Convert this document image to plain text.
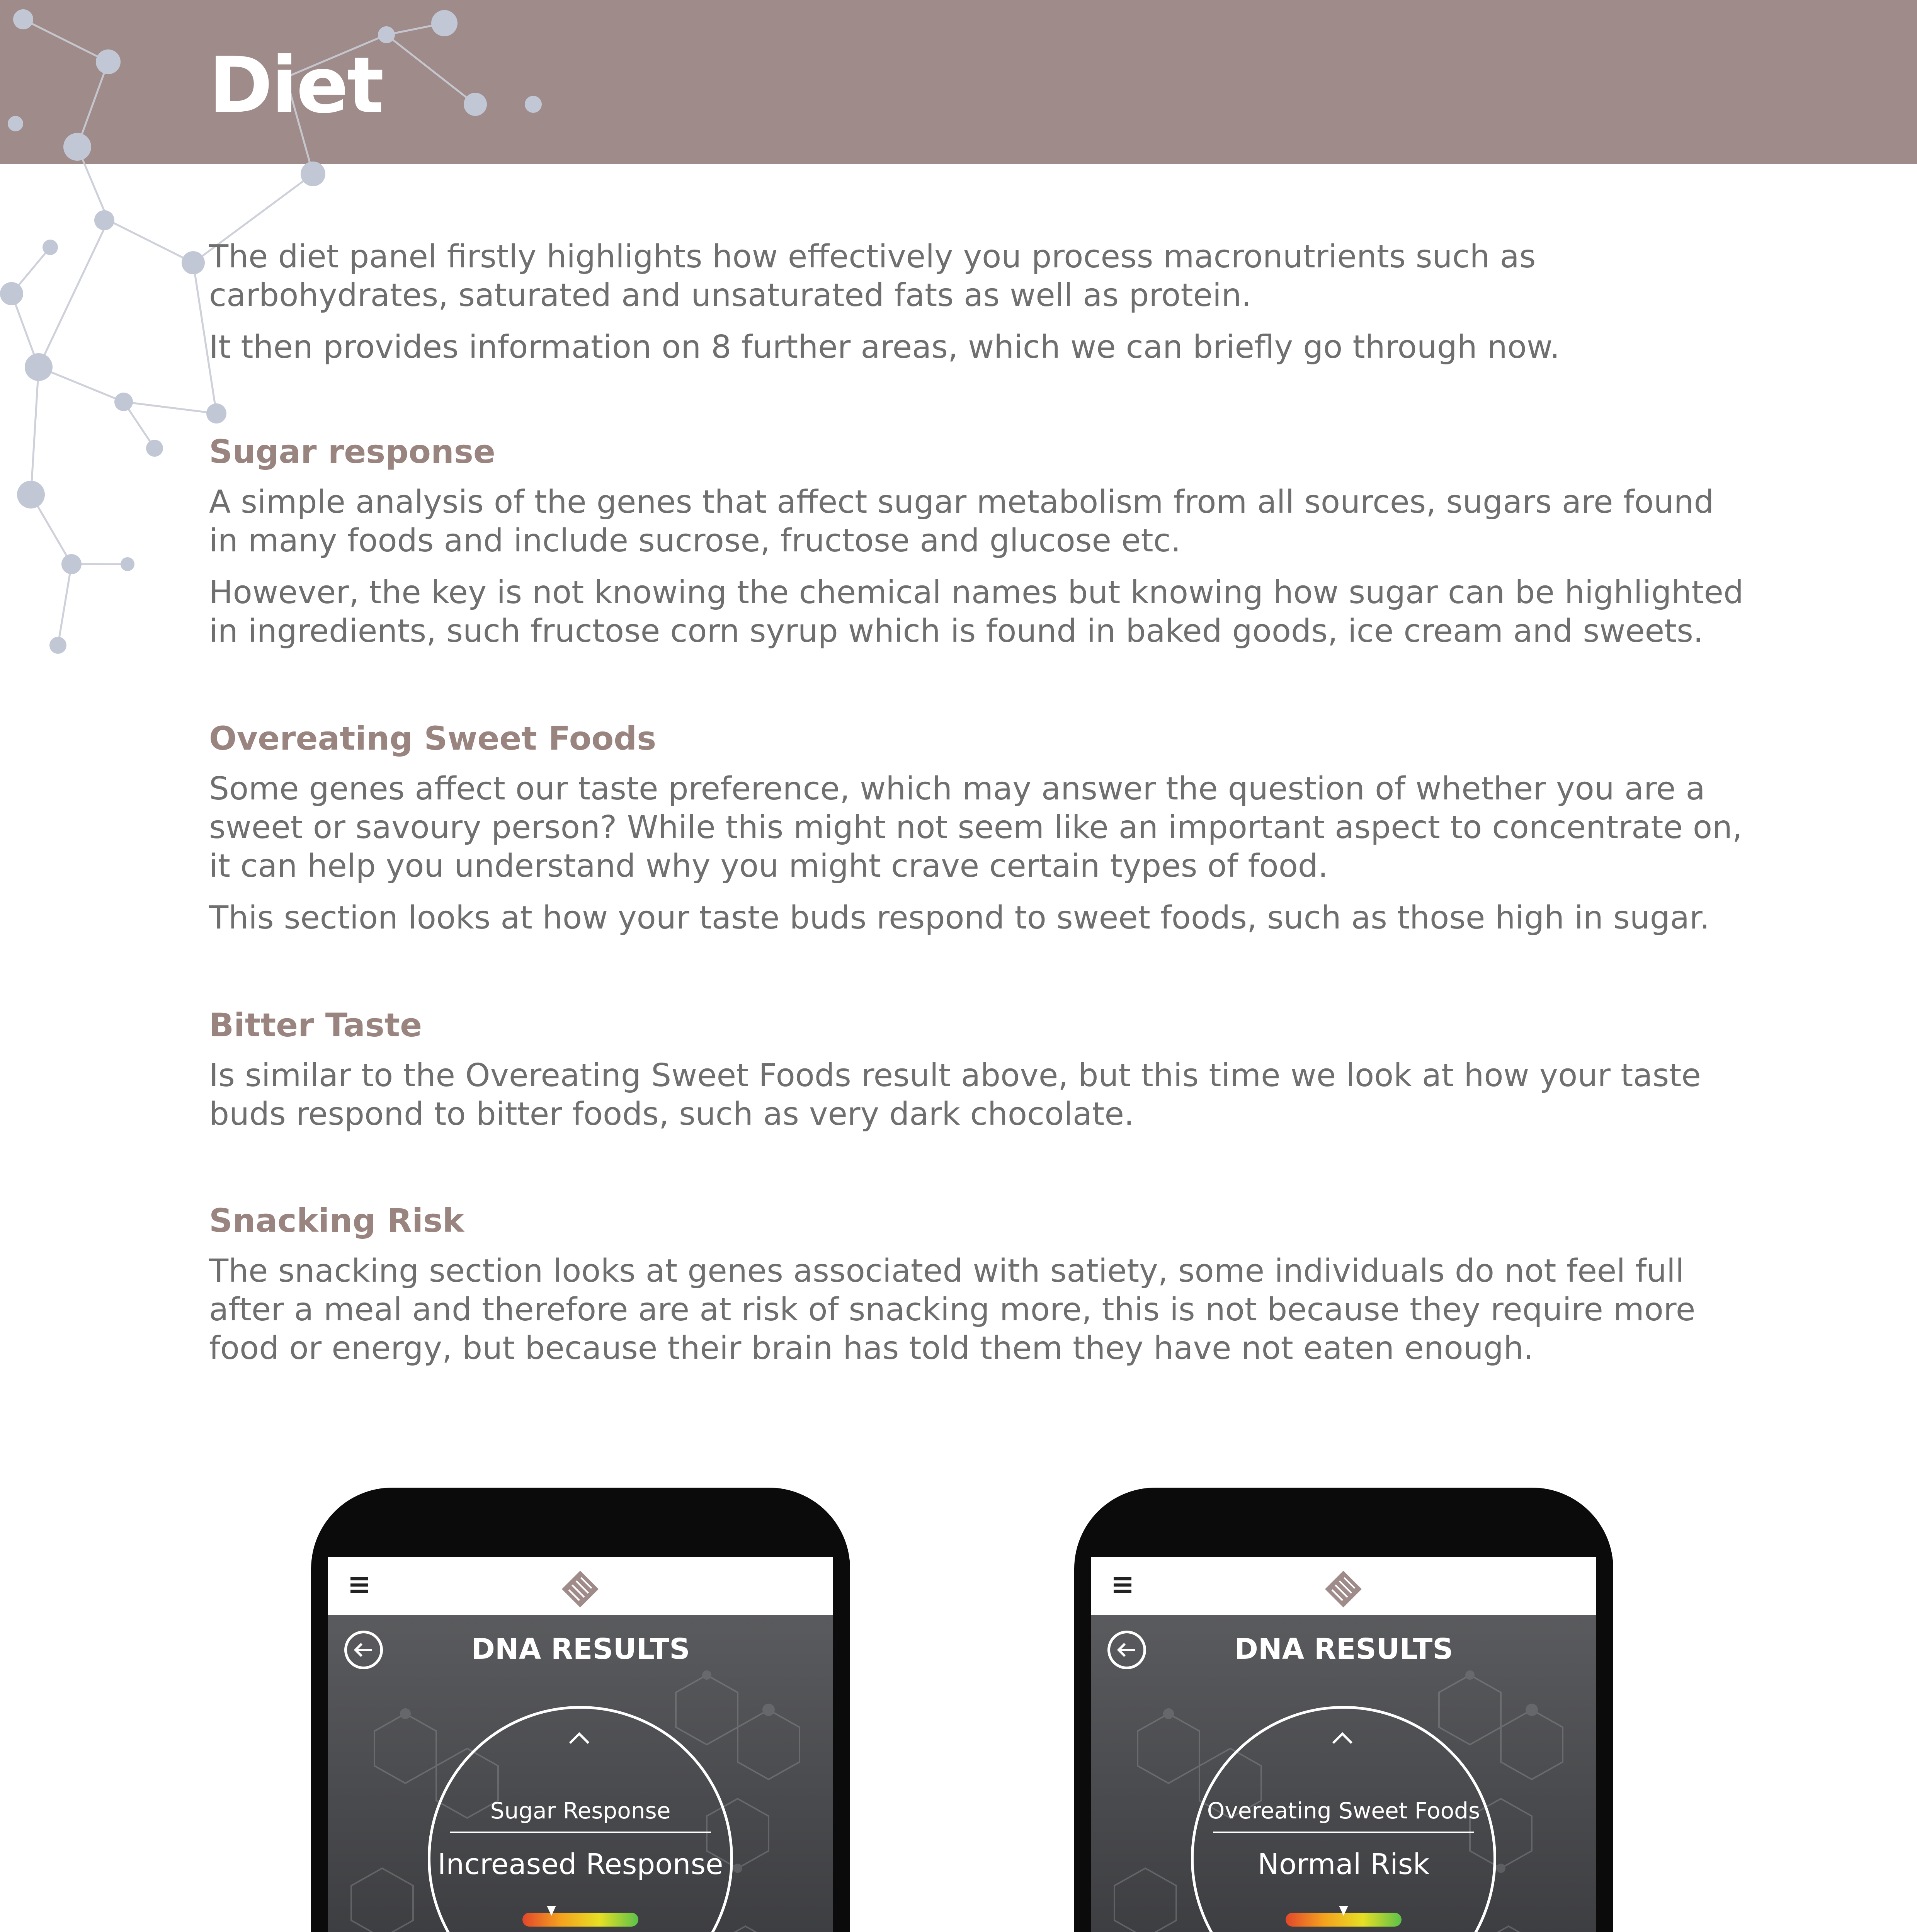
Diet

The diet panel firstly highlights how effectively you process macronutrients such as carbohydrates, saturated and unsaturated fats as well as protein.

It then provides information on 8 further areas, which we can briefly go through now.

Sugar response

A simple analysis of the genes that affect sugar metabolism from all sources, sugars are found in many foods and include sucrose, fructose and glucose etc.

However, the key is not knowing the chemical names but knowing how sugar can be highlighted in ingredients, such fructose corn syrup which is found in baked goods, ice cream and sweets.

Overeating Sweet Foods

Some genes affect our taste preference, which may answer the question of whether you are a sweet or savoury person? While this might not seem like an important aspect to concentrate on, it can help you understand why you might crave certain types of food.

This section looks at how your taste buds respond to sweet foods, such as those high in sugar.

Bitter Taste

Is similar to the Overeating Sweet Foods result above, but this time we look at how your taste buds respond to bitter foods, such as very dark chocolate.

Snacking Risk

The snacking section looks at genes associated with satiety, some individuals do not feel full after a meal and therefore are at risk of snacking more, this is not because they require more food or energy, but because their brain has told them they have not eaten enough.

DNA RESULTS
Sugar Response
Increased Response
DNA RESULTS
Overeating Sweet Foods
Normal Risk
